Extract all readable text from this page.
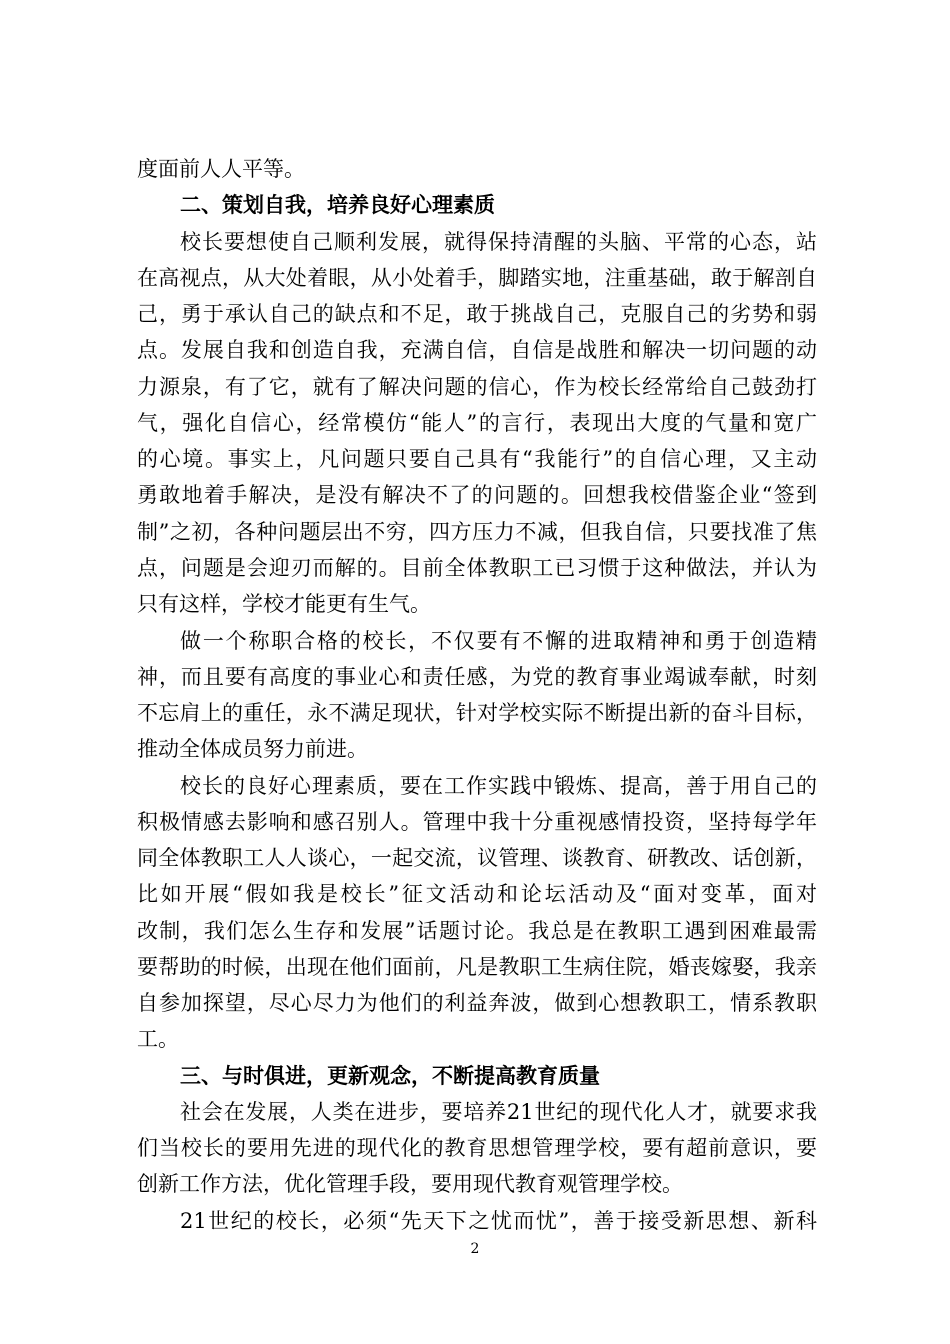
度面前人人平等。
二、策划自我，培养良好心理素质
校长要想使自己顺利发展，就得保持清醒的头脑、平常的心态，站
在高视点，从大处着眼，从小处着手，脚踏实地，注重基础，敢于解剖自
己，勇于承认自己的缺点和不足，敢于挑战自己，克服自己的劣势和弱
点。发展自我和创造自我，充满自信，自信是战胜和解决一切问题的动
力源泉，有了它，就有了解决问题的信心，作为校长经常给自己鼓劲打
气，强化自信心，经常模仿“能人”的言行，表现出大度的气量和宽广
的心境。事实上，凡问题只要自己具有“我能行”的自信心理，又主动
勇敢地着手解决，是没有解决不了的问题的。回想我校借鉴企业“签到
制”之初，各种问题层出不穷，四方压力不减，但我自信，只要找准了焦
点，问题是会迎刃而解的。目前全体教职工已习惯于这种做法，并认为
只有这样，学校才能更有生气。
做一个称职合格的校长，不仅要有不懈的进取精神和勇于创造精
神，而且要有高度的事业心和责任感，为党的教育事业竭诚奉献，时刻
不忘肩上的重任，永不满足现状，针对学校实际不断提出新的奋斗目标，
推动全体成员努力前进。
校长的良好心理素质，要在工作实践中锻炼、提高，善于用自己的
积极情感去影响和感召别人。管理中我十分重视感情投资，坚持每学年
同全体教职工人人谈心，一起交流，议管理、谈教育、研教改、话创新，
比如开展“假如我是校长”征文活动和论坛活动及“面对变革，面对
改制，我们怎么生存和发展”话题讨论。我总是在教职工遇到困难最需
要帮助的时候，出现在他们面前，凡是教职工生病住院，婚丧嫁娶，我亲
自参加探望，尽心尽力为他们的利益奔波，做到心想教职工，情系教职
工。
三、与时俱进，更新观念，不断提高教育质量
社会在发展，人类在进步，要培养21世纪的现代化人才，就要求我
们当校长的要用先进的现代化的教育思想管理学校，要有超前意识，要
创新工作方法，优化管理手段，要用现代教育观管理学校。
21世纪的校长，必须“先天下之忧而忧”，善于接受新思想、新科
2
